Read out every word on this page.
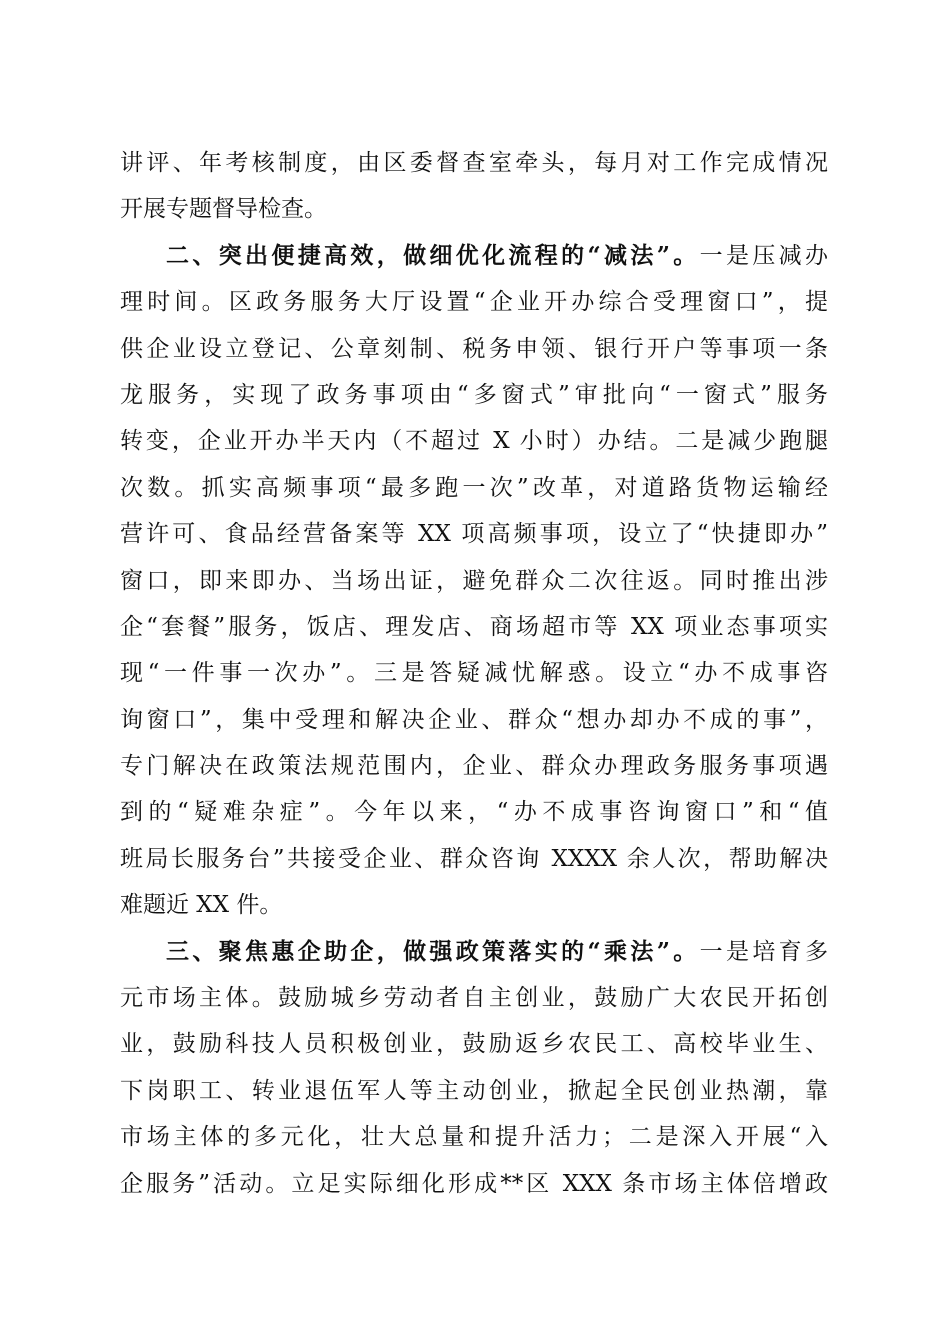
讲评、年考核制度，由区委督查室牵头，每月对工作完成情况
开展专题督导检查。
二、突出便捷高效，做细优化流程的“减法”。一是压减办
理时间。区政务服务大厅设置“企业开办综合受理窗口”，提
供企业设立登记、公章刻制、税务申领、银行开户等事项一条
龙服务，实现了政务事项由“多窗式”审批向“一窗式”服务
转变，企业开办半天内（不超过 X 小时）办结。二是减少跑腿
次数。抓实高频事项“最多跑一次”改革，对道路货物运输经
营许可、食品经营备案等 XX 项高频事项，设立了“快捷即办”
窗口，即来即办、当场出证，避免群众二次往返。同时推出涉
企“套餐”服务，饭店、理发店、商场超市等 XX 项业态事项实
现“一件事一次办”。三是答疑减忧解惑。设立“办不成事咨
询窗口”，集中受理和解决企业、群众“想办却办不成的事”，
专门解决在政策法规范围内，企业、群众办理政务服务事项遇
到的“疑难杂症”。今年以来，“办不成事咨询窗口”和“值
班局长服务台”共接受企业、群众咨询 XXXX 余人次，帮助解决
难题近 XX 件。
三、聚焦惠企助企，做强政策落实的“乘法”。一是培育多
元市场主体。鼓励城乡劳动者自主创业，鼓励广大农民开拓创
业，鼓励科技人员积极创业，鼓励返乡农民工、高校毕业生、
下岗职工、转业退伍军人等主动创业，掀起全民创业热潮，靠
市场主体的多元化，壮大总量和提升活力；二是深入开展“入
企服务”活动。立足实际细化形成**区 XXX 条市场主体倍增政
